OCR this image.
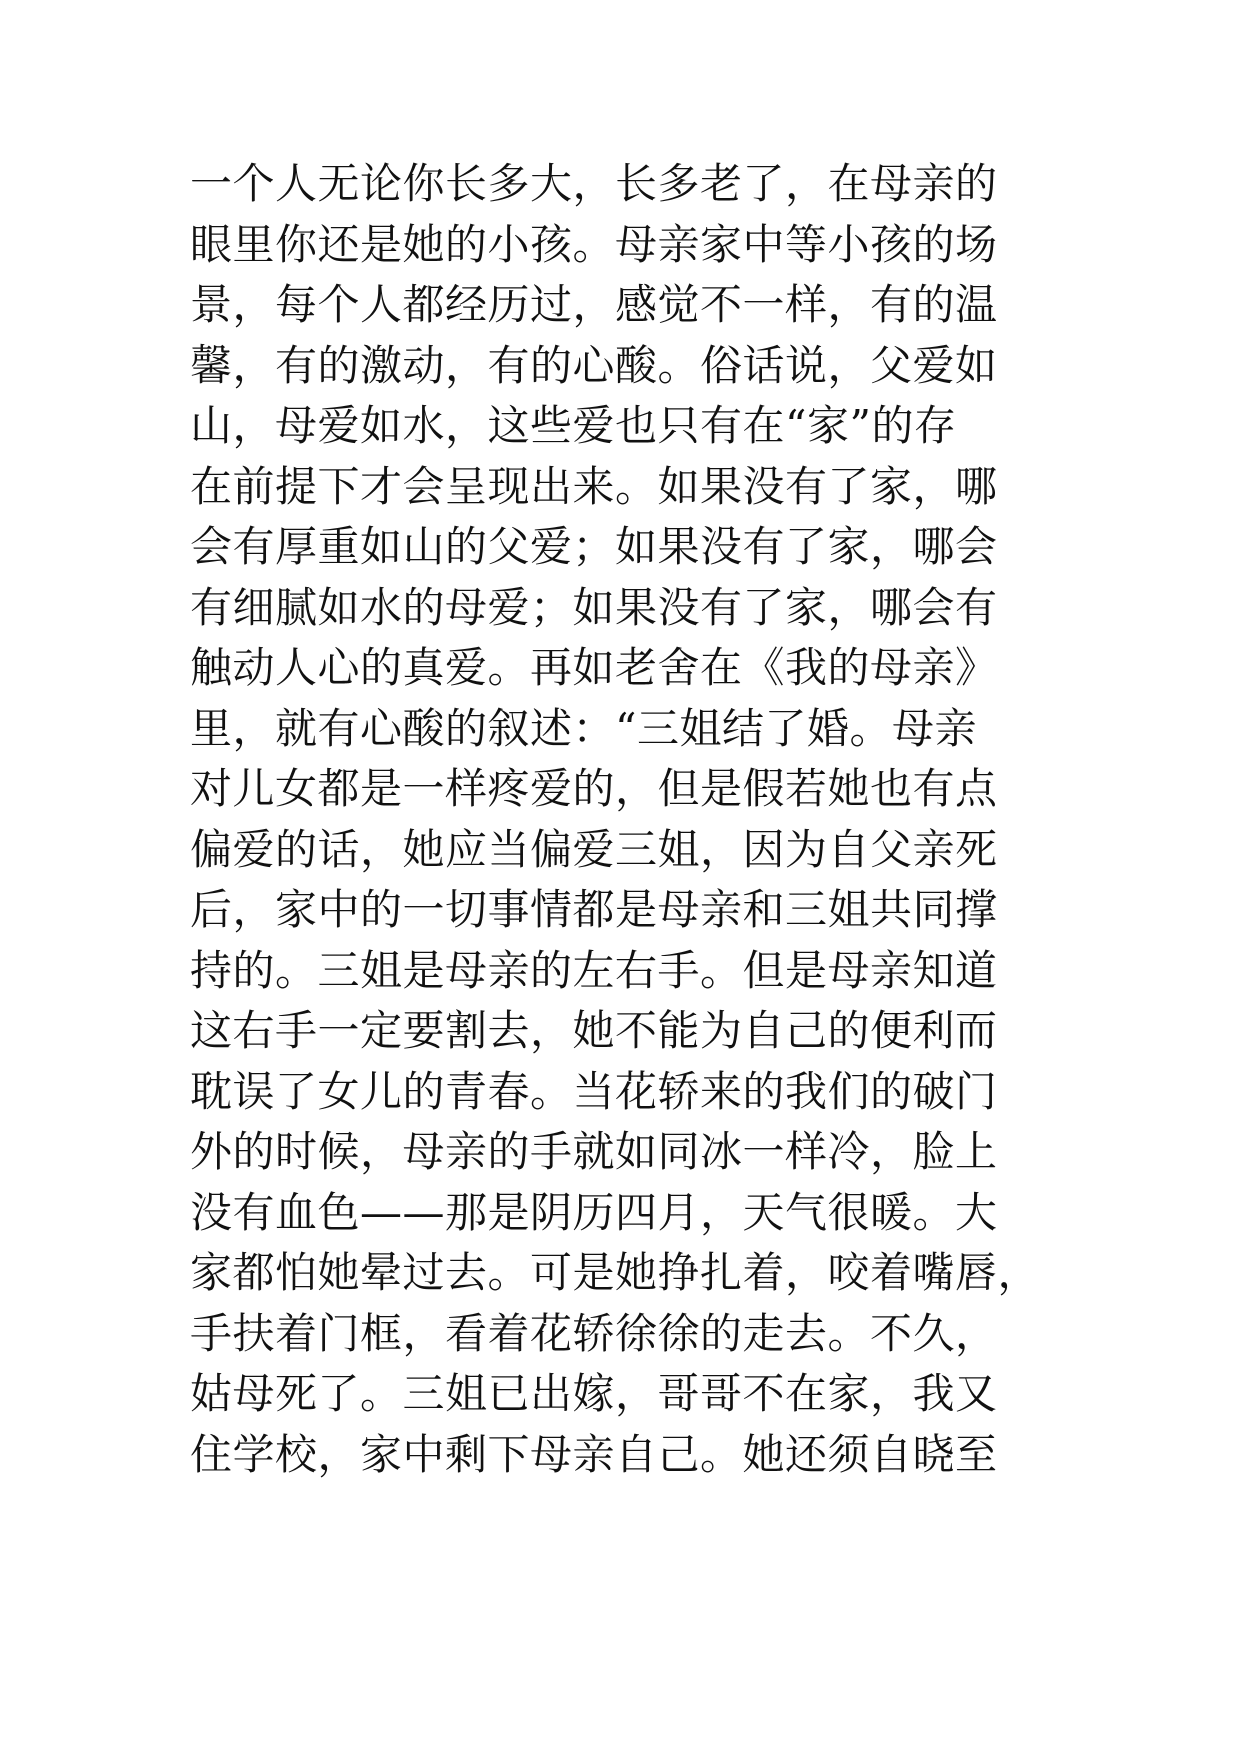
一个人无论你长多大，长多老了，在母亲的
眼里你还是她的小孩。母亲家中等小孩的场
景，每个人都经历过，感觉不一样，有的温
馨，有的激动，有的心酸。俗话说，父爱如
山，母爱如水，这些爱也只有在“家”的存
在前提下才会呈现出来。如果没有了家，哪
会有厚重如山的父爱；如果没有了家，哪会
有细腻如水的母爱；如果没有了家，哪会有
触动人心的真爱。再如老舍在《我的母亲》
里，就有心酸的叙述：“三姐结了婚。母亲
对儿女都是一样疼爱的，但是假若她也有点
偏爱的话，她应当偏爱三姐，因为自父亲死
后，家中的一切事情都是母亲和三姐共同撑
持的。三姐是母亲的左右手。但是母亲知道
这右手一定要割去，她不能为自己的便利而
耽误了女儿的青春。当花轿来的我们的破门
外的时候，母亲的手就如同冰一样冷，脸上
没有血色——那是阴历四月，天气很暖。大
家都怕她晕过去。可是她挣扎着，咬着嘴唇，
手扶着门框，看着花轿徐徐的走去。不久，
姑母死了。三姐已出嫁，哥哥不在家，我又
住学校，家中剩下母亲自己。她还须自晓至
